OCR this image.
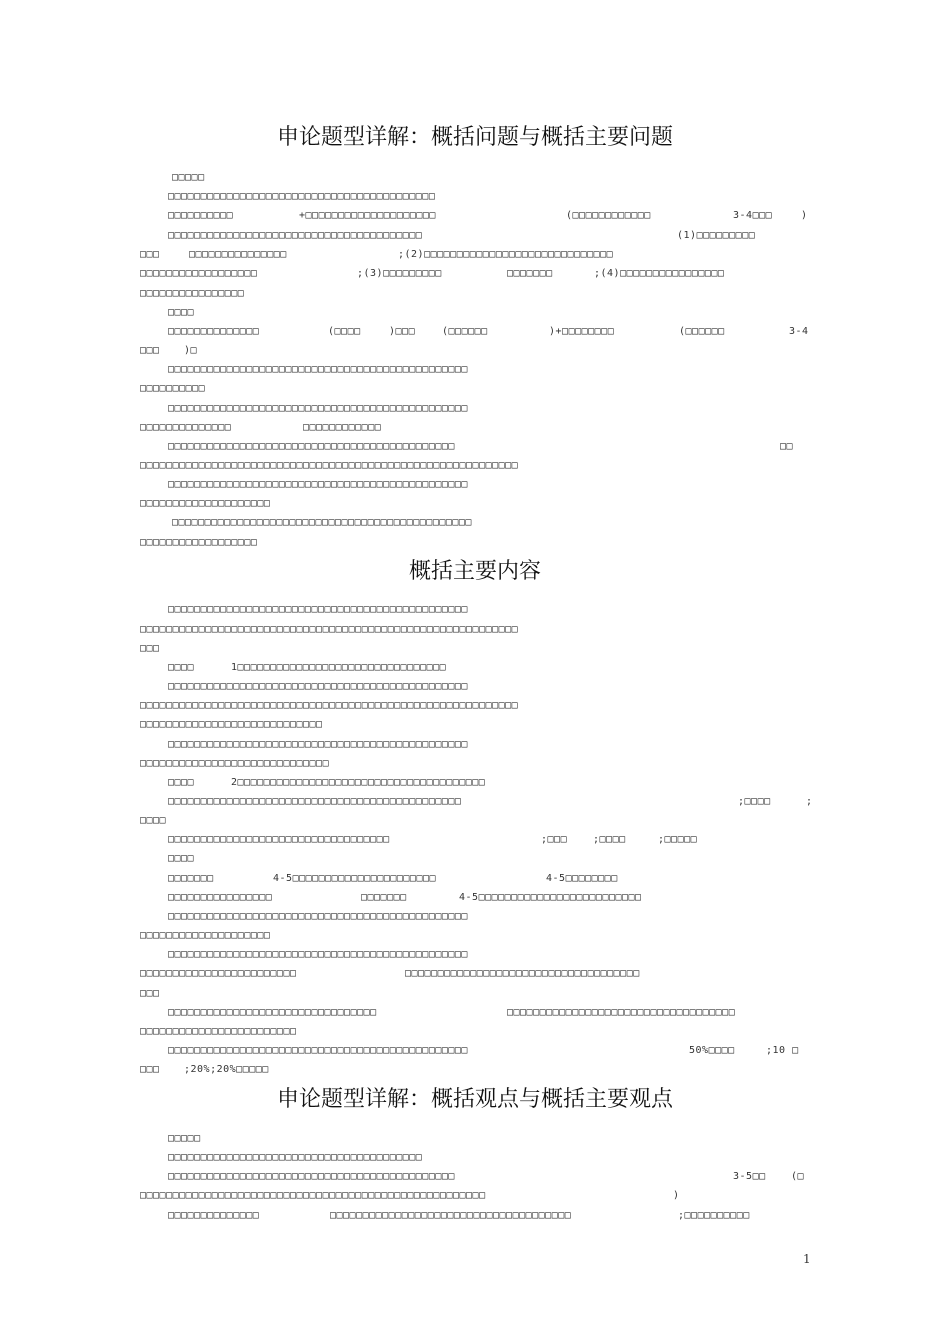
申论题型详解：概括问题与概括主要问题
□□□□□
□□□□□□□□□□□□□□□□□□□□□□□□□□□□□□□□□□□□□□□□□
□□□□□□□□□□	+□□□□□□□□□□□□□□□□□□□□	(□□□□□□□□□□□□	3-4□□□	)
□□□□□□□□□□□□□□□□□□□□□□□□□□□□□□□□□□□□□□□	(1)□□□□□□□□□
□□□	□□□□□□□□□□□□□□□	;(2)□□□□□□□□□□□□□□□□□□□□□□□□□□□□□
□□□□□□□□□□□□□□□□□□	;(3)□□□□□□□□□	□□□□□□□	;(4)□□□□□□□□□□□□□□□□
□□□□□□□□□□□□□□□□
□□□□
□□□□□□□□□□□□□□	(□□□□	)□□□	(□□□□□□	)+□□□□□□□□	(□□□□□□	3-4
□□□ )□
□□□□□□□□□□□□□□□□□□□□□□□□□□□□□□□□□□□□□□□□□□□□□□
□□□□□□□□□□
□□□□□□□□□□□□□□□□□□□□□□□□□□□□□□□□□□□□□□□□□□□□□□
□□□□□□□□□□□□□□	□□□□□□□□□□□□
□□□□□□□□□□□□□□□□□□□□□□□□□□□□□□□□□□□□□□□□□□□□	□□
□□□□□□□□□□□□□□□□□□□□□□□□□□□□□□□□□□□□□□□□□□□□□□□□□□□□□□□□□□
□□□□□□□□□□□□□□□□□□□□□□□□□□□□□□□□□□□□□□□□□□□□□□
□□□□□□□□□□□□□□□□□□□□
□□□□□□□□□□□□□□□□□□□□□□□□□□□□□□□□□□□□□□□□□□□□□□
□□□□□□□□□□□□□□□□□□
概括主要内容
□□□□□□□□□□□□□□□□□□□□□□□□□□□□□□□□□□□□□□□□□□□□□□
□□□□□□□□□□□□□□□□□□□□□□□□□□□□□□□□□□□□□□□□□□□□□□□□□□□□□□□□□□
□□□
□□□□	1□□□□□□□□□□□□□□□□□□□□□□□□□□□□□□□□
□□□□□□□□□□□□□□□□□□□□□□□□□□□□□□□□□□□□□□□□□□□□□□
□□□□□□□□□□□□□□□□□□□□□□□□□□□□□□□□□□□□□□□□□□□□□□□□□□□□□□□□□□
□□□□□□□□□□□□□□□□□□□□□□□□□□□□
□□□□□□□□□□□□□□□□□□□□□□□□□□□□□□□□□□□□□□□□□□□□□□
□□□□□□□□□□□□□□□□□□□□□□□□□□□□□
□□□□	2□□□□□□□□□□□□□□□□□□□□□□□□□□□□□□□□□□□□□□
□□□□□□□□□□□□□□□□□□□□□□□□□□□□□□□□□□□□□□□□□□□□□	;□□□□	;
□□□□
□□□□□□□□□□□□□□□□□□□□□□□□□□□□□□□□□□	;□□□	;□□□□	;□□□□□
□□□□
□□□□□□□	4-5□□□□□□□□□□□□□□□□□□□□□□	4-5□□□□□□□□
□□□□□□□□□□□□□□□□	□□□□□□□	4-5□□□□□□□□□□□□□□□□□□□□□□□□□
□□□□□□□□□□□□□□□□□□□□□□□□□□□□□□□□□□□□□□□□□□□□□□
□□□□□□□□□□□□□□□□□□□□
□□□□□□□□□□□□□□□□□□□□□□□□□□□□□□□□□□□□□□□□□□□□□□
□□□□□□□□□□□□□□□□□□□□□□□□	□□□□□□□□□□□□□□□□□□□□□□□□□□□□□□□□□□□□
□□□
□□□□□□□□□□□□□□□□□□□□□□□□□□□□□□□□	□□□□□□□□□□□□□□□□□□□□□□□□□□□□□□□□□□□
□□□□□□□□□□□□□□□□□□□□□□□□
□□□□□□□□□□□□□□□□□□□□□□□□□□□□□□□□□□□□□□□□□□□□□□	50%□□□□	;10 □
□□□ ;20%;20%□□□□□
申论题型详解：概括观点与概括主要观点
□□□□□
□□□□□□□□□□□□□□□□□□□□□□□□□□□□□□□□□□□□□□□
□□□□□□□□□□□□□□□□□□□□□□□□□□□□□□□□□□□□□□□□□□□□	3-5□□	(□
□□□□□□□□□□□□□□□□□□□□□□□□□□□□□□□□□□□□□□□□□□□□□□□□□□□□□	)
□□□□□□□□□□□□□□	□□□□□□□□□□□□□□□□□□□□□□□□□□□□□□□□□□□□□	;□□□□□□□□□□
1
